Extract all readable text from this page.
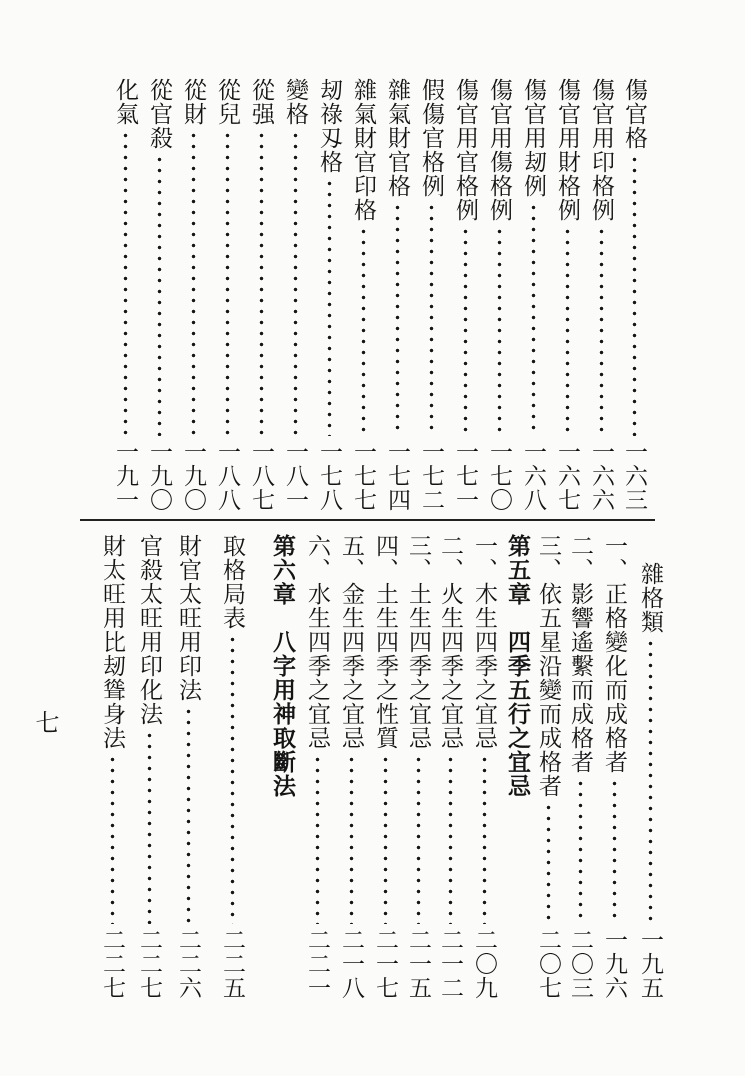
傷官格
一六三
傷官用印格例
一六六
傷官用財格例
一六七
傷官用刼例
一六八
傷官用傷格例
一七〇
傷官用官格例
一七一
假傷官格例
一七二
雜氣財官格
一七四
雜氣財官印格
一七七
刼祿刄格
一七八
變格
一八一
從强
一八七
從兒
一八八
從財
一九〇
從官殺
一九〇
化氣
一九一
雜格類
一九五
一、正格變化而成格者
一九六
二、影響遙繫而成格者
二〇三
三、依五星沿變而成格者
二〇七
第五章　四季五行之宜忌
一、木生四季之宜忌
二〇九
二、火生四季之宜忌
二一二
三、土生四季之宜忌
二一五
四、土生四季之性質
二一七
五、金生四季之宜忌
二一八
六、水生四季之宜忌
二二一
第六章　八字用神取斷法
取格局表
二二五
財官太旺用印法
二二六
官殺太旺用印化法
二二七
財太旺用比刼聳身法
二二七
七
